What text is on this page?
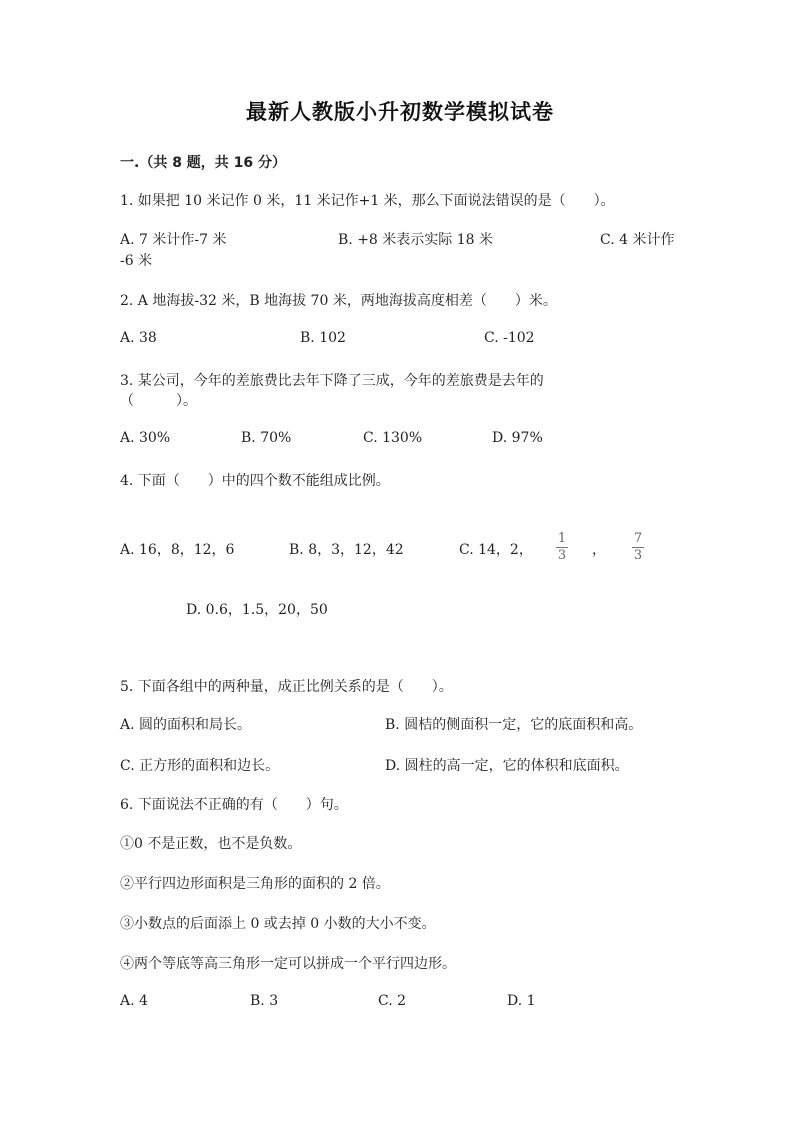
最新人教版小升初数学模拟试卷
一.（共 8 题，共 16 分）
1. 如果把 10 米记作 0 米，11 米记作+1 米，那么下面说法错误的是（　　）。
A. 7 米计作-7 米	B. +8 米表示实际 18 米	C. 4 米计作
-6 米
2. A 地海拔-32 米，B 地海拔 70 米，两地海拔高度相差（　　）米。
A. 38	B. 102	C. -102
3. 某公司，今年的差旅费比去年下降了三成，今年的差旅费是去年的
（　　　）。
A. 30%	B. 70%	C. 130%	D. 97%
4. 下面（　　）中的四个数不能组成比例。
A. 16，8，12，6	B. 8，3，12，42	C. 14，2，
1
3 ，
7
3
D. 0.6，1.5，20，50
5. 下面各组中的两种量，成正比例关系的是（　　）。
A. 圆的面积和局长。	B. 圆桔的侧面积一定，它的底面积和高。
C. 正方形的面积和边长。	D. 圆柱的高一定，它的体积和底面积。
6. 下面说法不正确的有（　　）句。
①0 不是正数，也不是负数。
②平行四边形面积是三角形的面积的 2 倍。
③小数点的后面添上 0 或去掉 0 小数的大小不变。
④两个等底等高三角形一定可以拼成一个平行四边形。
A. 4	B. 3	C. 2	D. 1
